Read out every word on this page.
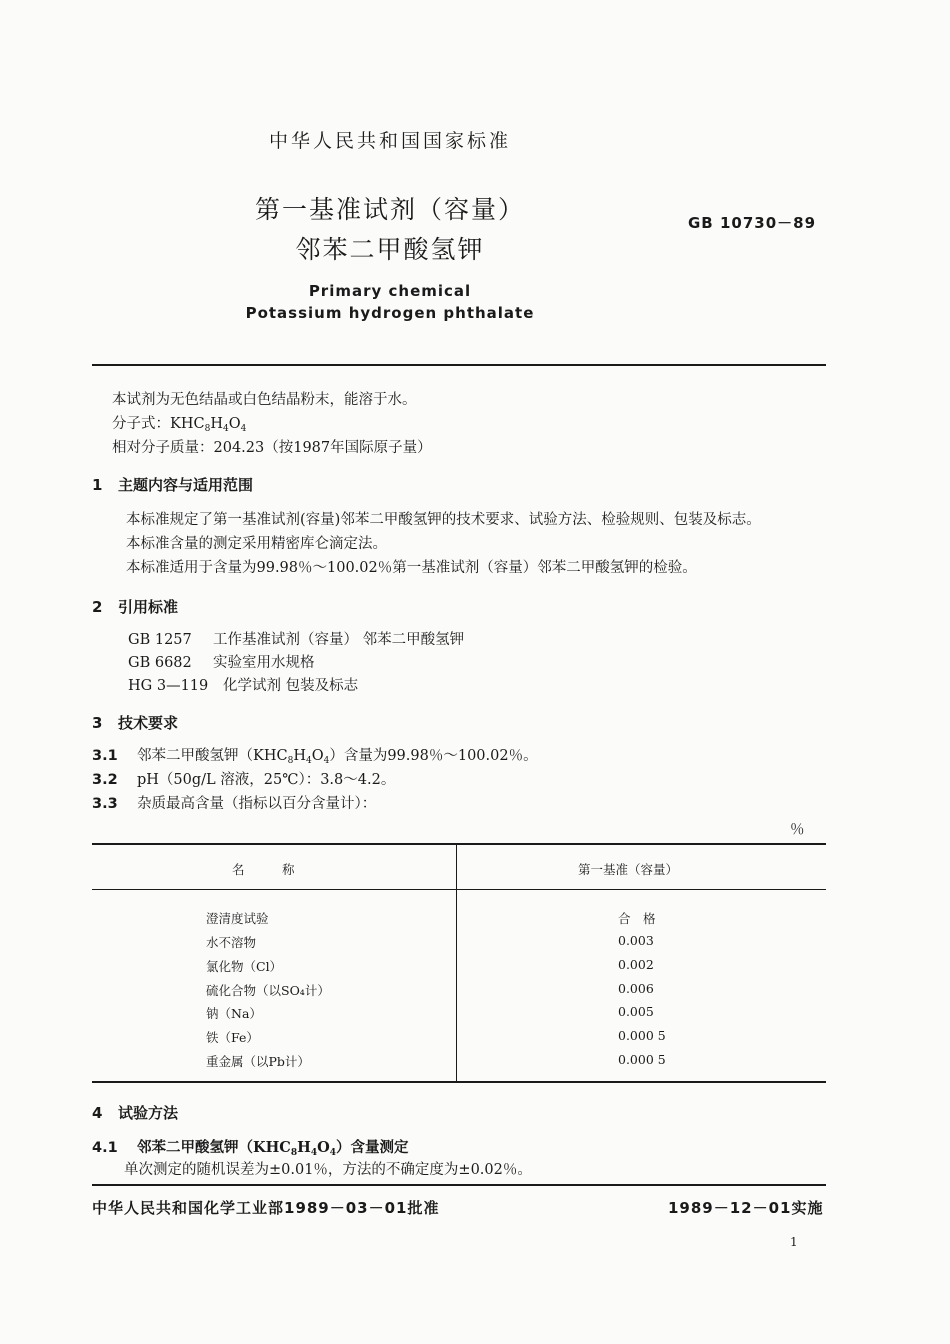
中华人民共和国国家标准
第一基准试剂（容量）
邻苯二甲酸氢钾
GB 10730－89
Primary chemical
Potassium hydrogen phthalate
本试剂为无色结晶或白色结晶粉末，能溶于水。
分子式：$KHC_8H_4O_4$
相对分子质量：204.23（按1987年国际原子量）
1 主题内容与适用范围
本标准规定了第一基准试剂(容量)邻苯二甲酸氢钾的技术要求、试验方法、检验规则、包装及标志。
本标准含量的测定采用精密库仑滴定法。
本标准适用于含量为99.98％～100.02％第一基准试剂（容量）邻苯二甲酸氢钾的检验。
2 引用标准
GB 1257 工作基准试剂（容量） 邻苯二甲酸氢钾
GB 6682 实验室用水规格
HG 3—119 化学试剂 包装及标志
3 技术要求
3.1 邻苯二甲酸氢钾$(KHC_8H_4O_4)$含量为99.98％～100.02％。
3.2 pH（50g/L 溶液，25℃）：3.8～4.2。
3.3 杂质最高含量（指标以百分含量计）：
％
名　　　称	第一基准（容量）
澄清度试验	合　格
水不溶物	0.003
氯化物（Cl）	0.002
硫化合物（以SO₄计）	0.006
钠（Na）	0.005
铁（Fe）	0.000 5
重金属（以Pb计）	0.000 5
4 试验方法
4.1 邻苯二甲酸氢钾$(KHC_8H_4O_4)$含量测定
单次测定的随机误差为±0.01％，方法的不确定度为±0.02％。
中华人民共和国化学工业部1989－03－01批准	1989－12－01实施
1
